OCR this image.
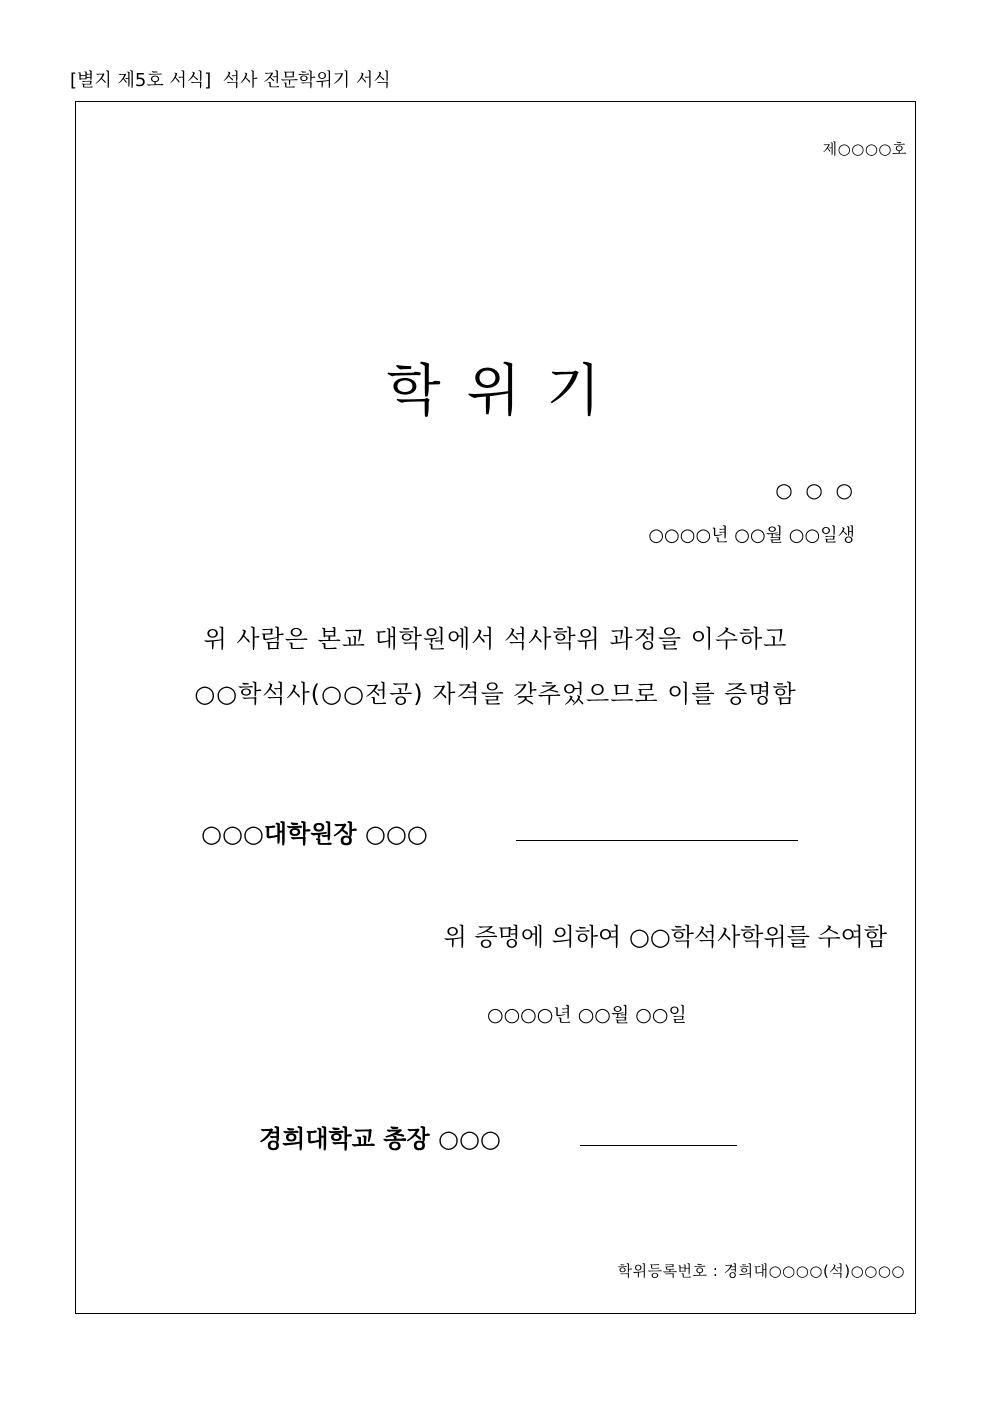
[별지 제5호 서식]  석사 전문학위기 서식
제○○○○호
학 위 기
○  ○  ○
○○○○년 ○○월 ○○일생
위 사람은 본교 대학원에서 석사학위 과정을 이수하고
○○학석사(○○전공) 자격을 갖추었으므로 이를 증명함
○○○대학원장 ○○○
위 증명에 의하여 ○○학석사학위를 수여함
○○○○년 ○○월 ○○일
경희대학교 총장 ○○○
학위등록번호 : 경희대○○○○(석)○○○○
